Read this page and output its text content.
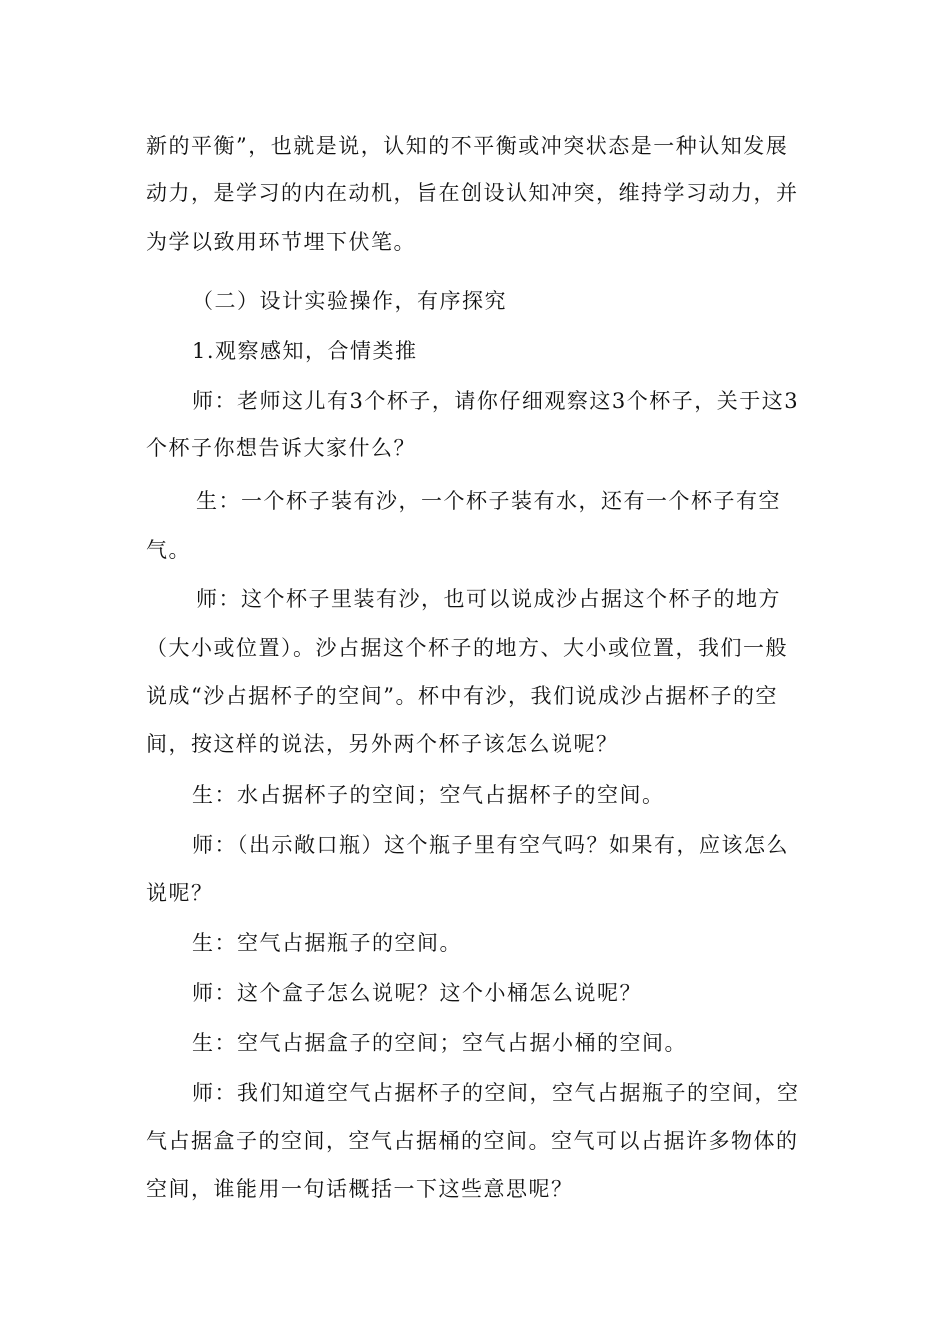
新的平衡”，也就是说，认知的不平衡或冲突状态是一种认知发展
动力，是学习的内在动机，旨在创设认知冲突，维持学习动力，并
为学以致用环节埋下伏笔。
（二）设计实验操作，有序探究
1.观察感知，合情类推
师：老师这儿有3个杯子，请你仔细观察这3个杯子，关于这3
个杯子你想告诉大家什么？
生：一个杯子装有沙，一个杯子装有水，还有一个杯子有空
气。
师：这个杯子里装有沙，也可以说成沙占据这个杯子的地方
（大小或位置）。沙占据这个杯子的地方、大小或位置，我们一般
说成“沙占据杯子的空间”。杯中有沙，我们说成沙占据杯子的空
间，按这样的说法，另外两个杯子该怎么说呢？
生：水占据杯子的空间；空气占据杯子的空间。
师：（出示敞口瓶）这个瓶子里有空气吗？如果有，应该怎么
说呢？
生：空气占据瓶子的空间。
师：这个盒子怎么说呢？这个小桶怎么说呢？
生：空气占据盒子的空间；空气占据小桶的空间。
师：我们知道空气占据杯子的空间，空气占据瓶子的空间，空
气占据盒子的空间，空气占据桶的空间。空气可以占据许多物体的
空间，谁能用一句话概括一下这些意思呢？
